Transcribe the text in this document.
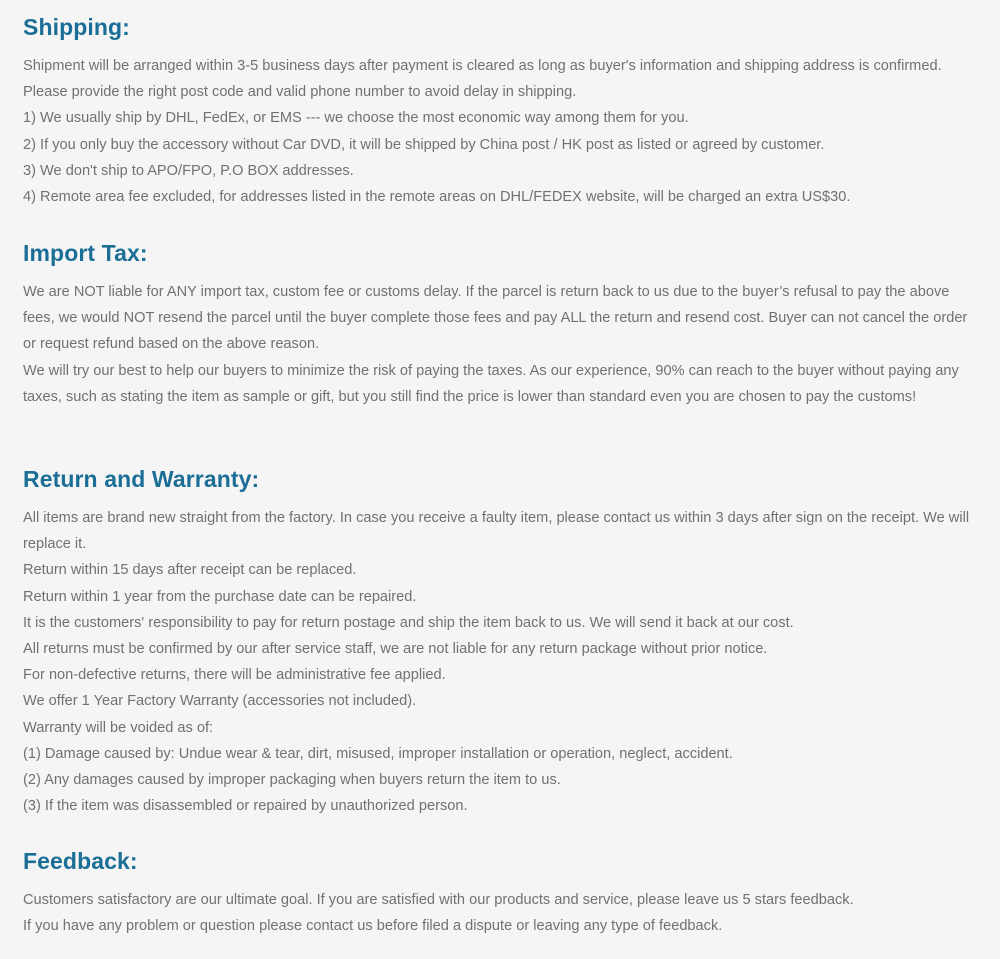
Shipping:

Shipment will be arranged within 3-5 business days after payment is cleared as long as buyer's information and shipping address is confirmed. Please provide the right post code and valid phone number to avoid delay in shipping.

1) We usually ship by DHL, FedEx, or EMS --- we choose the most economic way among them for you.

2) If you only buy the accessory without Car DVD, it will be shipped by China post / HK post as listed or agreed by customer.

3) We don't ship to APO/FPO, P.O BOX addresses.

4) Remote area fee excluded, for addresses listed in the remote areas on DHL/FEDEX website, will be charged an extra US$30.

Import Tax:

We are NOT liable for ANY import tax, custom fee or customs delay. If the parcel is return back to us due to the buyer’s refusal to pay the above fees, we would NOT resend the parcel until the buyer complete those fees and pay ALL the return and resend cost. Buyer can not cancel the order or request refund based on the above reason.

We will try our best to help our buyers to minimize the risk of paying the taxes. As our experience, 90% can reach to the buyer without paying any taxes, such as stating the item as sample or gift, but you still find the price is lower than standard even you are chosen to pay the customs!

Return and Warranty:

All items are brand new straight from the factory. In case you receive a faulty item, please contact us within 3 days after sign on the receipt. We will replace it.

Return within 15 days after receipt can be replaced.

Return within 1 year from the purchase date can be repaired.

It is the customers' responsibility to pay for return postage and ship the item back to us. We will send it back at our cost.

All returns must be confirmed by our after service staff, we are not liable for any return package without prior notice.

For non-defective returns, there will be administrative fee applied.

We offer 1 Year Factory Warranty (accessories not included).

Warranty will be voided as of:

(1) Damage caused by: Undue wear & tear, dirt, misused, improper installation or operation, neglect, accident.

(2) Any damages caused by improper packaging when buyers return the item to us.

(3) If the item was disassembled or repaired by unauthorized person.

Feedback:

Customers satisfactory are our ultimate goal. If you are satisfied with our products and service, please leave us 5 stars feedback.

If you have any problem or question please contact us before filed a dispute or leaving any type of feedback.
